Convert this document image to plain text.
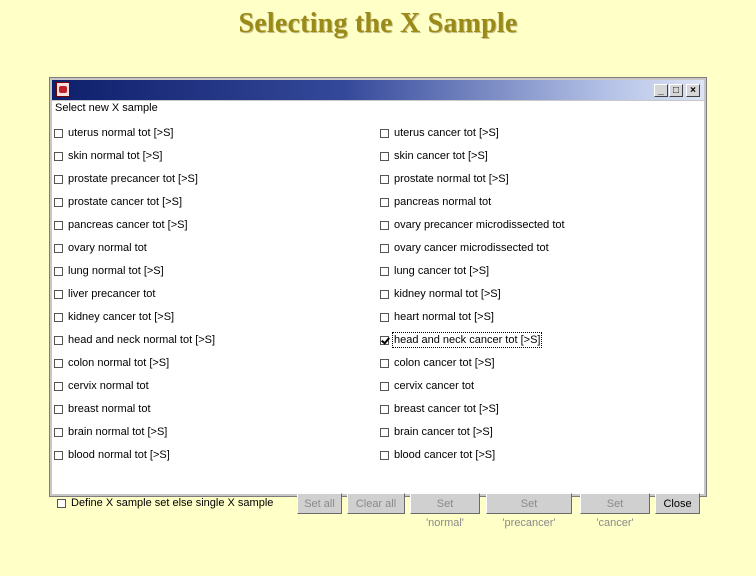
Selecting the X Sample
_ □	×
Select new X sample
uterus normal tot [>S]
skin normal tot [>S]
prostate precancer tot [>S]
prostate cancer tot [>S]
pancreas cancer tot [>S]
ovary normal tot
lung normal tot [>S]
liver precancer tot
kidney cancer tot [>S]
head and neck normal tot [>S]
colon normal tot [>S]
cervix normal tot
breast normal tot
brain normal tot [>S]
blood normal tot [>S]
uterus cancer tot [>S]
skin cancer tot [>S]
prostate normal tot [>S]
pancreas normal tot
ovary precancer microdissected tot
ovary cancer microdissected tot
lung cancer tot [>S]
kidney normal tot [>S]
heart normal tot [>S]
head and neck cancer tot [>S]
colon cancer tot [>S]
cervix cancer tot
breast cancer tot [>S]
brain cancer tot [>S]
blood cancer tot [>S]
Define X sample set else single X sample	Set all	Clear all	Set 'normal'
Set 'precancer'
Set 'cancer'
Close
